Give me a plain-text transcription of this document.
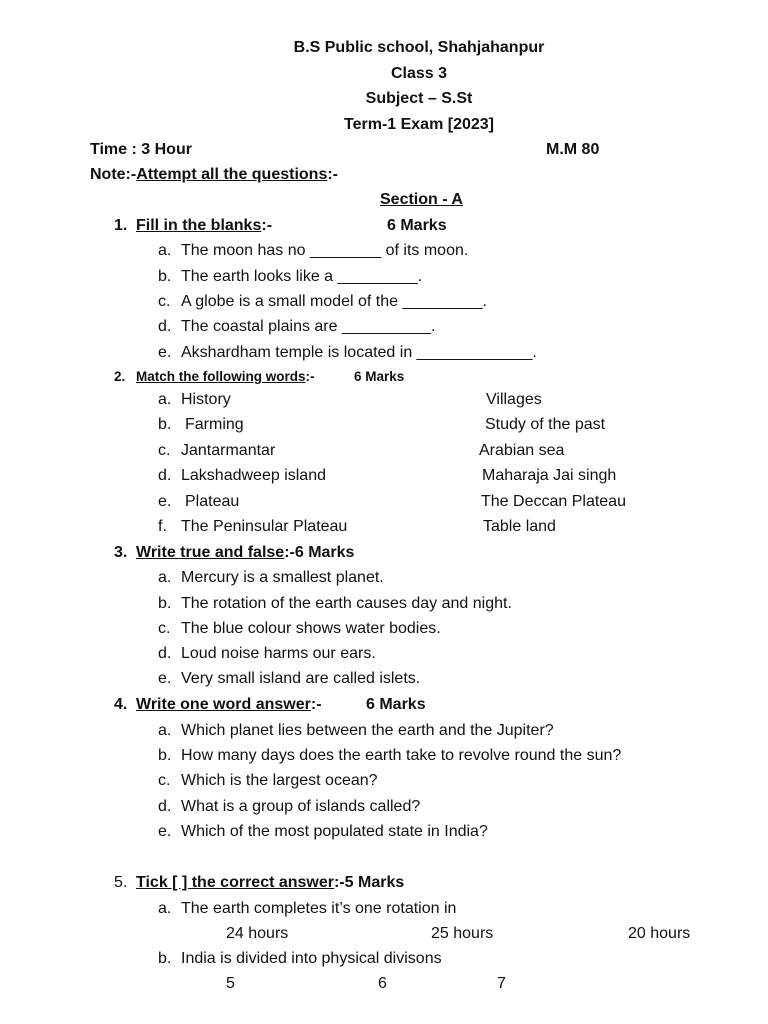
B.S Public school, Shahjahanpur
Class 3
Subject – S.St
Term-1 Exam [2023]
Time : 3 Hour	M.M 80
Note:-Attempt all the questions:-
Section - A
1. Fill in the blanks:-	6 Marks
a. The moon has no ________ of its moon.
b. The earth looks like a _________.
c. A globe is a small model of the _________.
d. The coastal plains are __________.
e. Akshardham temple is located in _____________.
2. Match the following words:-	6 Marks
a. History	Villages
b. Farming	Study of the past
c. Jantarmantar	Arabian sea
d. Lakshadweep island	Maharaja Jai singh
e. Plateau	The Deccan Plateau
f. The Peninsular Plateau	Table land
3. Write true and false:-6 Marks
a. Mercury is a smallest planet.
b. The rotation of the earth causes day and night.
c. The blue colour shows water bodies.
d. Loud noise harms our ears.
e. Very small island are called islets.
4. Write one word answer:-	6 Marks
a. Which planet lies between the earth and the Jupiter?
b. How many days does the earth take to revolve round the sun?
c. Which is the largest ocean?
d. What is a group of islands called?
e. Which of the most populated state in India?
5. Tick [ ] the correct answer:-5 Marks
a. The earth completes it’s one rotation in
24 hours	25 hours	20 hours
b. India is divided into physical divisons
5	6	7
